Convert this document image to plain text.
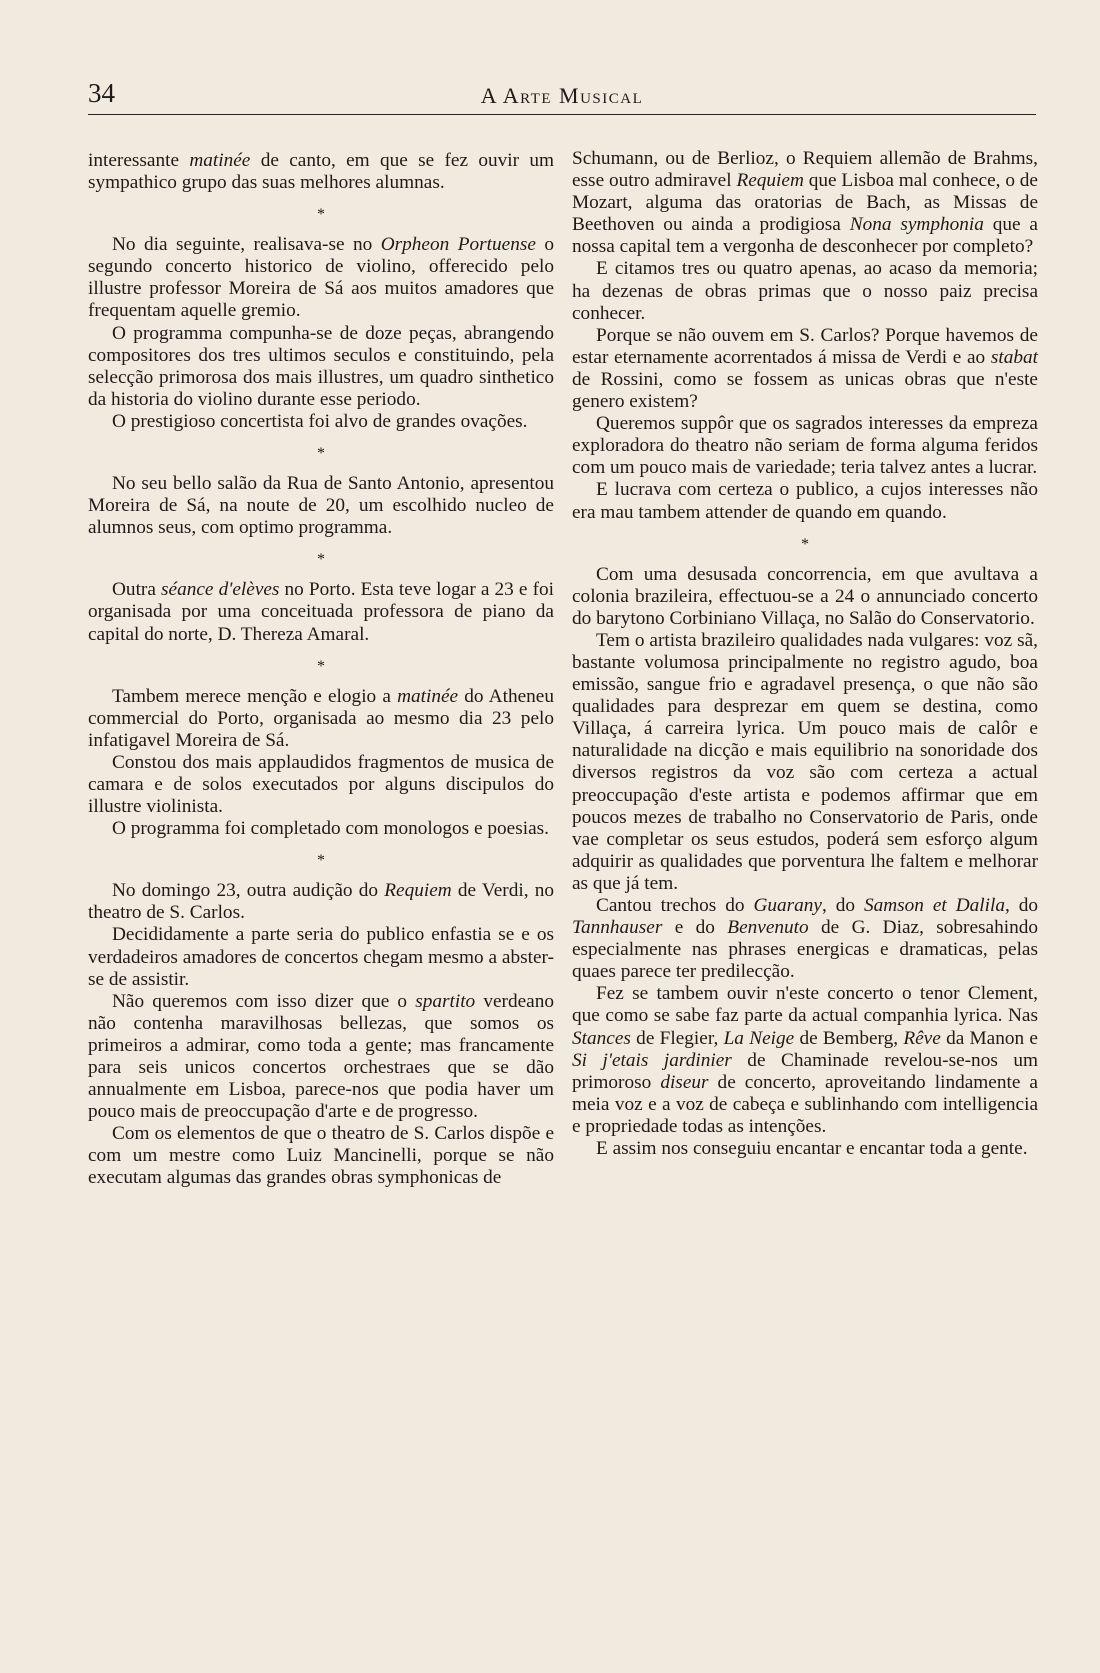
34	A Arte Musical

interessante matinée de canto, em que se fez ouvir um sympathico grupo das suas melhores alumnas.

*

No dia seguinte, realisava-se no Orpheon Portuense o segundo concerto historico de violino, offerecido pelo illustre professor Moreira de Sá aos muitos amadores que frequentam aquelle gremio.

O programma compunha-se de doze peças, abrangendo compositores dos tres ultimos seculos e constituindo, pela selecção primorosa dos mais illustres, um quadro sinthetico da historia do violino durante esse periodo.

O prestigioso concertista foi alvo de grandes ovações.

*

No seu bello salão da Rua de Santo Antonio, apresentou Moreira de Sá, na noute de 20, um escolhido nucleo de alumnos seus, com optimo programma.

*

Outra séance d'elèves no Porto. Esta teve logar a 23 e foi organisada por uma conceituada professora de piano da capital do norte, D. Thereza Amaral.

*

Tambem merece menção e elogio a matinée do Atheneu commercial do Porto, organisada ao mesmo dia 23 pelo infatigavel Moreira de Sá.

Constou dos mais applaudidos fragmentos de musica de camara e de solos executados por alguns discipulos do illustre violinista.

O programma foi completado com monologos e poesias.

*

No domingo 23, outra audição do Requiem de Verdi, no theatro de S. Carlos.

Decididamente a parte seria do publico enfastia se e os verdadeiros amadores de concertos chegam mesmo a abster-se de assistir.

Não queremos com isso dizer que o spartito verdeano não contenha maravilhosas bellezas, que somos os primeiros a admirar, como toda a gente; mas francamente para seis unicos concertos orchestraes que se dão annualmente em Lisboa, parece-nos que podia haver um pouco mais de preoccupação d'arte e de progresso.

Com os elementos de que o theatro de S. Carlos dispõe e com um mestre como Luiz Mancinelli, porque se não executam algumas das grandes obras symphonicas de

Schumann, ou de Berlioz, o Requiem allemão de Brahms, esse outro admiravel Requiem que Lisboa mal conhece, o de Mozart, alguma das oratorias de Bach, as Missas de Beethoven ou ainda a prodigiosa Nona symphonia que a nossa capital tem a vergonha de desconhecer por completo?

E citamos tres ou quatro apenas, ao acaso da memoria; ha dezenas de obras primas que o nosso paiz precisa conhecer.

Porque se não ouvem em S. Carlos? Porque havemos de estar eternamente acorrentados á missa de Verdi e ao stabat de Rossini, como se fossem as unicas obras que n'este genero existem?

Queremos suppôr que os sagrados interesses da empreza exploradora do theatro não seriam de forma alguma feridos com um pouco mais de variedade; teria talvez antes a lucrar.

E lucrava com certeza o publico, a cujos interesses não era mau tambem attender de quando em quando.

*

Com uma desusada concorrencia, em que avultava a colonia brazileira, effectuou-se a 24 o annunciado concerto do barytono Corbiniano Villaça, no Salão do Conservatorio.

Tem o artista brazileiro qualidades nada vulgares: voz sã, bastante volumosa principalmente no registro agudo, boa emissão, sangue frio e agradavel presença, o que não são qualidades para desprezar em quem se destina, como Villaça, á carreira lyrica. Um pouco mais de calôr e naturalidade na dicção e mais equilibrio na sonoridade dos diversos registros da voz são com certeza a actual preoccupação d'este artista e podemos affirmar que em poucos mezes de trabalho no Conservatorio de Paris, onde vae completar os seus estudos, poderá sem esforço algum adquirir as qualidades que porventura lhe faltem e melhorar as que já tem.

Cantou trechos do Guarany, do Samson et Dalila, do Tannhauser e do Benvenuto de G. Diaz, sobresahindo especialmente nas phrases energicas e dramaticas, pelas quaes parece ter predilecção.

Fez se tambem ouvir n'este concerto o tenor Clement, que como se sabe faz parte da actual companhia lyrica. Nas Stances de Flegier, La Neige de Bemberg, Rêve da Manon e Si j'etais jardinier de Chaminade revelou-se-nos um primoroso diseur de concerto, aproveitando lindamente a meia voz e a voz de cabeça e sublinhando com intelligencia e propriedade todas as intenções.

E assim nos conseguiu encantar e encantar toda a gente.
